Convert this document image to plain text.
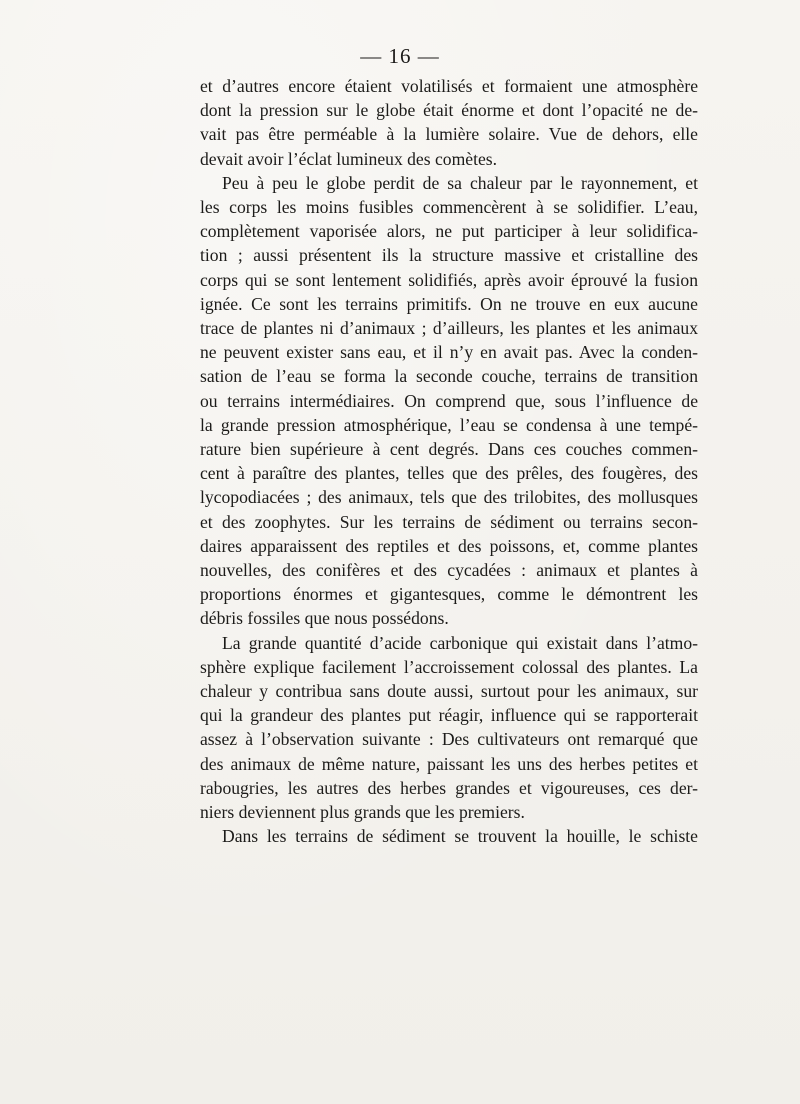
— 16 —

et d’autres encore étaient volatilisés et formaient une atmosphère
dont la pression sur le globe était énorme et dont l’opacité ne de-
vait pas être perméable à la lumière solaire. Vue de dehors, elle
devait avoir l’éclat lumineux des comètes.

Peu à peu le globe perdit de sa chaleur par le rayonnement, et
les corps les moins fusibles commencèrent à se solidifier. L’eau,
complètement vaporisée alors, ne put participer à leur solidifica-
tion ; aussi présentent ils la structure massive et cristalline des
corps qui se sont lentement solidifiés, après avoir éprouvé la fusion
ignée. Ce sont les terrains primitifs. On ne trouve en eux aucune
trace de plantes ni d’animaux ; d’ailleurs, les plantes et les animaux
ne peuvent exister sans eau, et il n’y en avait pas. Avec la conden-
sation de l’eau se forma la seconde couche, terrains de transition
ou terrains intermédiaires. On comprend que, sous l’influence de
la grande pression atmosphérique, l’eau se condensa à une tempé-
rature bien supérieure à cent degrés. Dans ces couches commen-
cent à paraître des plantes, telles que des prêles, des fougères, des
lycopodiacées ; des animaux, tels que des trilobites, des mollusques
et des zoophytes. Sur les terrains de sédiment ou terrains secon-
daires apparaissent des reptiles et des poissons, et, comme plantes
nouvelles, des conifères et des cycadées : animaux et plantes à
proportions énormes et gigantesques, comme le démontrent les
débris fossiles que nous possédons.

La grande quantité d’acide carbonique qui existait dans l’atmo-
sphère explique facilement l’accroissement colossal des plantes. La
chaleur y contribua sans doute aussi, surtout pour les animaux, sur
qui la grandeur des plantes put réagir, influence qui se rapporterait
assez à l’observation suivante : Des cultivateurs ont remarqué que
des animaux de même nature, paissant les uns des herbes petites et
rabougries, les autres des herbes grandes et vigoureuses, ces der-
niers deviennent plus grands que les premiers.

Dans les terrains de sédiment se trouvent la houille, le schiste
